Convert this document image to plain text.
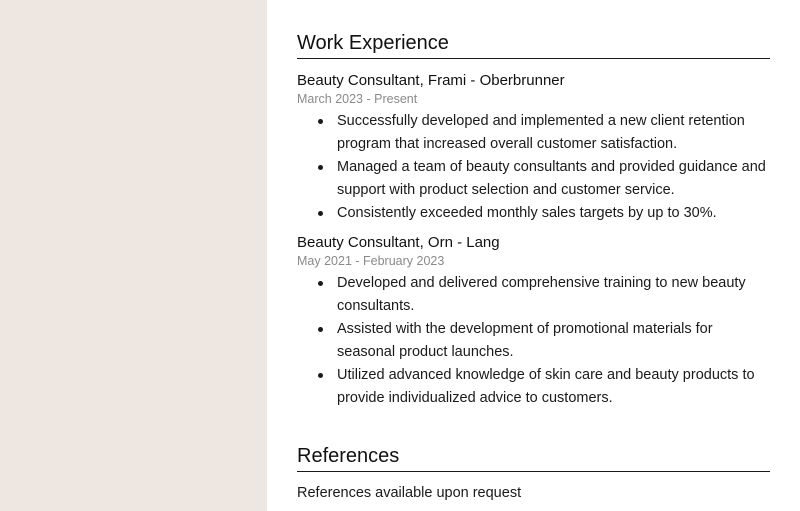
Work Experience
Beauty Consultant, Frami - Oberbrunner
March 2023 - Present
Successfully developed and implemented a new client retention program that increased overall customer satisfaction.
Managed a team of beauty consultants and provided guidance and support with product selection and customer service.
Consistently exceeded monthly sales targets by up to 30%.
Beauty Consultant, Orn - Lang
May 2021 - February 2023
Developed and delivered comprehensive training to new beauty consultants.
Assisted with the development of promotional materials for seasonal product launches.
Utilized advanced knowledge of skin care and beauty products to provide individualized advice to customers.
References
References available upon request
